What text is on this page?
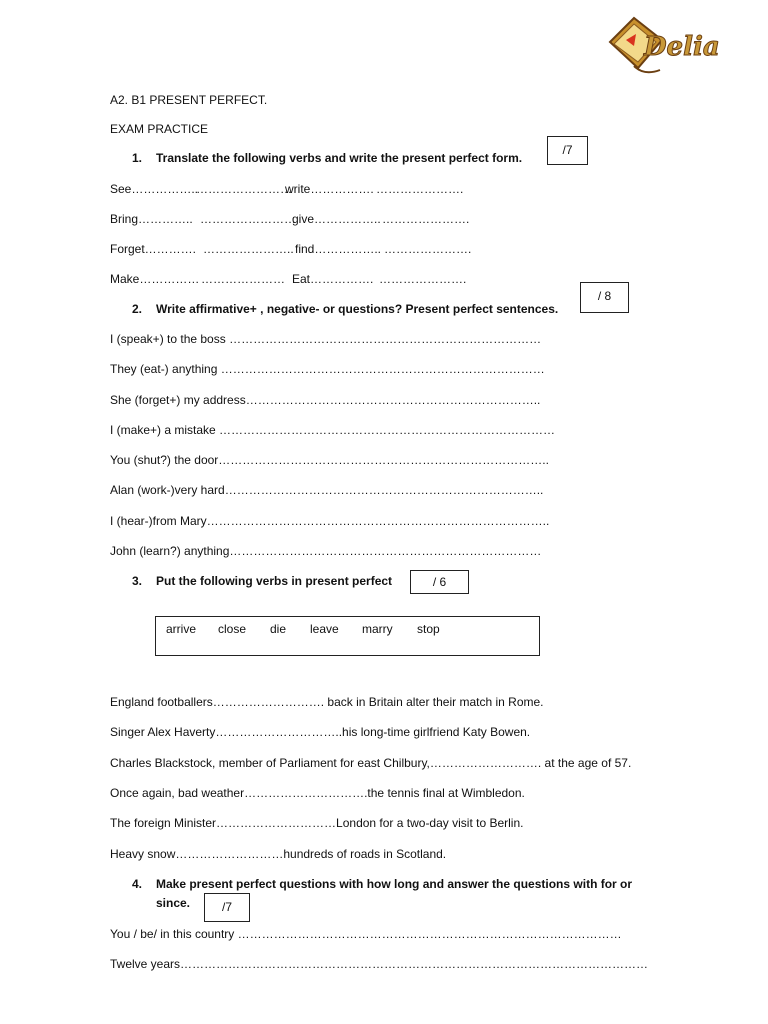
Delia
A2. B1 PRESENT PERFECT.
EXAM PRACTICE
1. Translate the following verbs and write the present perfect form.
/7
See……………..
……………………
write……………. ………………….
Bring………….. ……………………
give…………….. ………………….
Forget…………. ………………….. find…………….. ………………….
Make…………… ………………… Eat……………. ………………….
2. Write affirmative+ , negative- or questions? Present perfect sentences.
/ 8
I (speak+) to the boss ……………………………………………………………………
They (eat-) anything ………………………………………………………………………
She (forget+) my address………………………………………………………………..
I (make+) a mistake …………………………………………………………………………
You (shut?) the door………………………………………………………………………..
Alan (work-)very hard……………………………………………………………………..
I (hear-)from Mary…………………………………………………………………………..
John (learn?) anything……………………………………………………………………
3. Put the following verbs in present perfect	/ 6
arrive close die leave marry stop
England footballers………………………. back in Britain alter their match in Rome.
Singer Alex Haverty…………………………..his long-time girlfriend Katy Bowen.
Charles Blackstock, member of Parliament for east Chilbury,………………………. at the age of 57.
Once again, bad weather………………………….the tennis final at Wimbledon.
The foreign Minister…………………………London for a two-day visit to Berlin.
Heavy snow………………………hundreds of roads in Scotland.
4. Make present perfect questions with how long and answer the questions with for or
since.	/7
You / be/ in this country ……………………………………………………………………………………
Twelve years………………………………………………………………………………………………………
